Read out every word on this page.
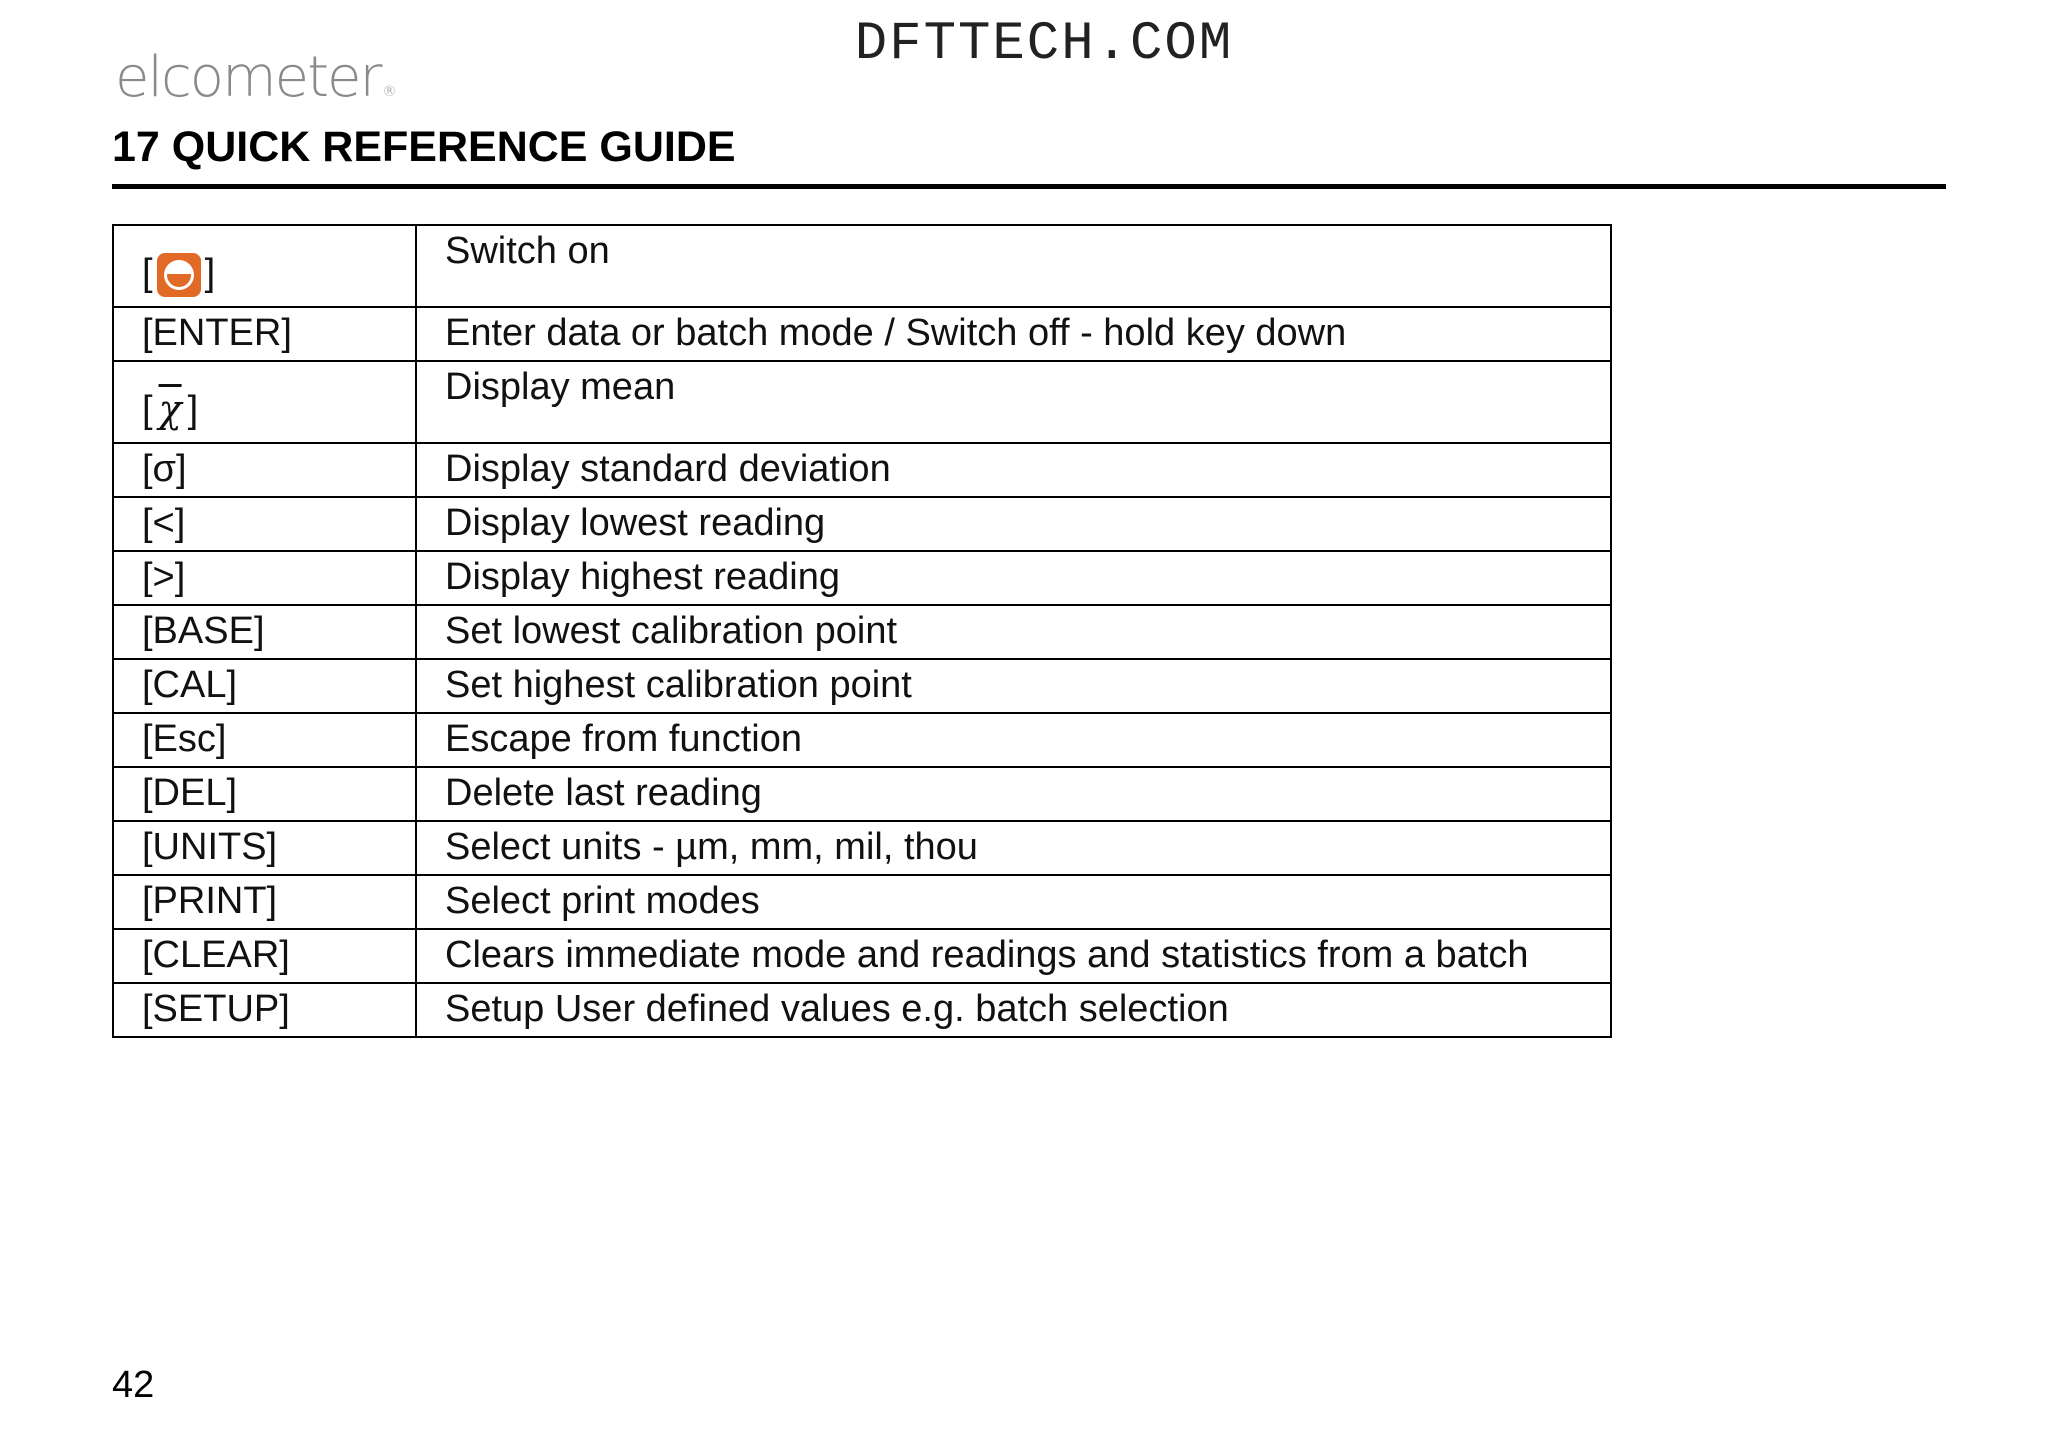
DFTTECH.COM
elcometer ®
17 QUICK REFERENCE GUIDE
[ ]	Switch on
[ENTER]	Enter data or batch mode / Switch off - hold key down
[ $\overline{\chi}$ ]	Display mean
[σ]	Display standard deviation
[<]	Display lowest reading
[>]	Display highest reading
[BASE]	Set lowest calibration point
[CAL]	Set highest calibration point
[Esc]	Escape from function
[DEL]	Delete last reading
[UNITS]	Select units - µm, mm, mil, thou
[PRINT]	Select print modes
[CLEAR]	Clears immediate mode and readings and statistics from a batch
[SETUP]	Setup User defined values e.g. batch selection
42
